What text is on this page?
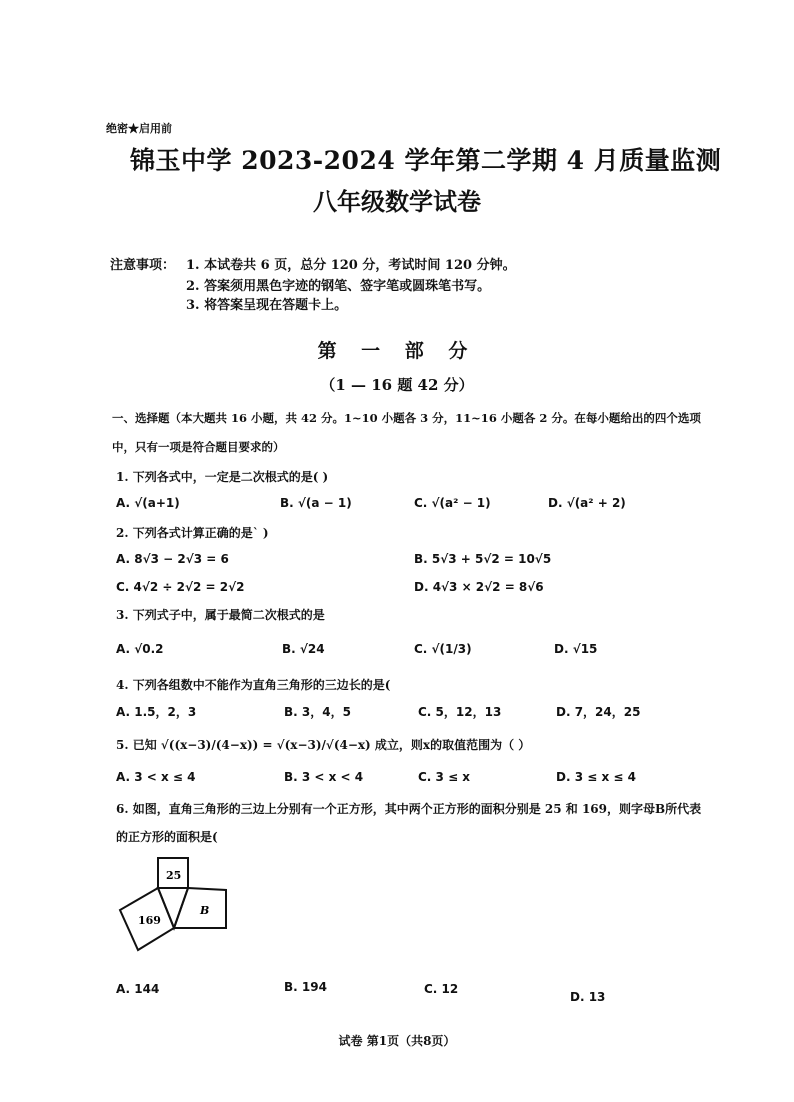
绝密★启用前
锦玉中学 2023-2024 学年第二学期 4 月质量监测
八年级数学试卷
注意事项： 1. 本试卷共 6 页，总分 120 分，考试时间 120 分钟。
2. 答案须用黑色字迹的钢笔、签字笔或圆珠笔书写。
3. 将答案呈现在答题卡上。
第 一 部 分
（1 — 16 题 42 分）
一、选择题（本大题共 16 小题，共 42 分。1~10 小题各 3 分，11~16 小题各 2 分。在每小题给出的四个选项
中，只有一项是符合题目要求的）
1. 下列各式中，一定是二次根式的是( )
A. √(a+1)	B. √(a − 1)	C. √(a² − 1)	D. √(a² + 2)
2. 下列各式计算正确的是` )
A. 8√3 − 2√3 = 6	B. 5√3 + 5√2 = 10√5
C. 4√2 ÷ 2√2 = 2√2	D. 4√3 × 2√2 = 8√6
3. 下列式子中，属于最简二次根式的是
A. √0.2	B. √24	C. √(1/3)	D. √15
4. 下列各组数中不能作为直角三角形的三边长的是(
A. 1.5，2，3	B. 3，4，5	C. 5，12，13	D. 7，24，25
5. 已知 √((x−3)/(4−x)) = √(x−3)/√(4−x) 成立，则x的取值范围为（ ）
A. 3 < x ≤ 4	B. 3 < x < 4	C. 3 ≤ x	D. 3 ≤ x ≤ 4
6. 如图，直角三角形的三边上分别有一个正方形，其中两个正方形的面积分别是 25 和 169，则字母B所代表
的正方形的面积是(
25
169
B
A. 144	B. 194	C. 12
D. 13
试卷 第1页（共8页）
